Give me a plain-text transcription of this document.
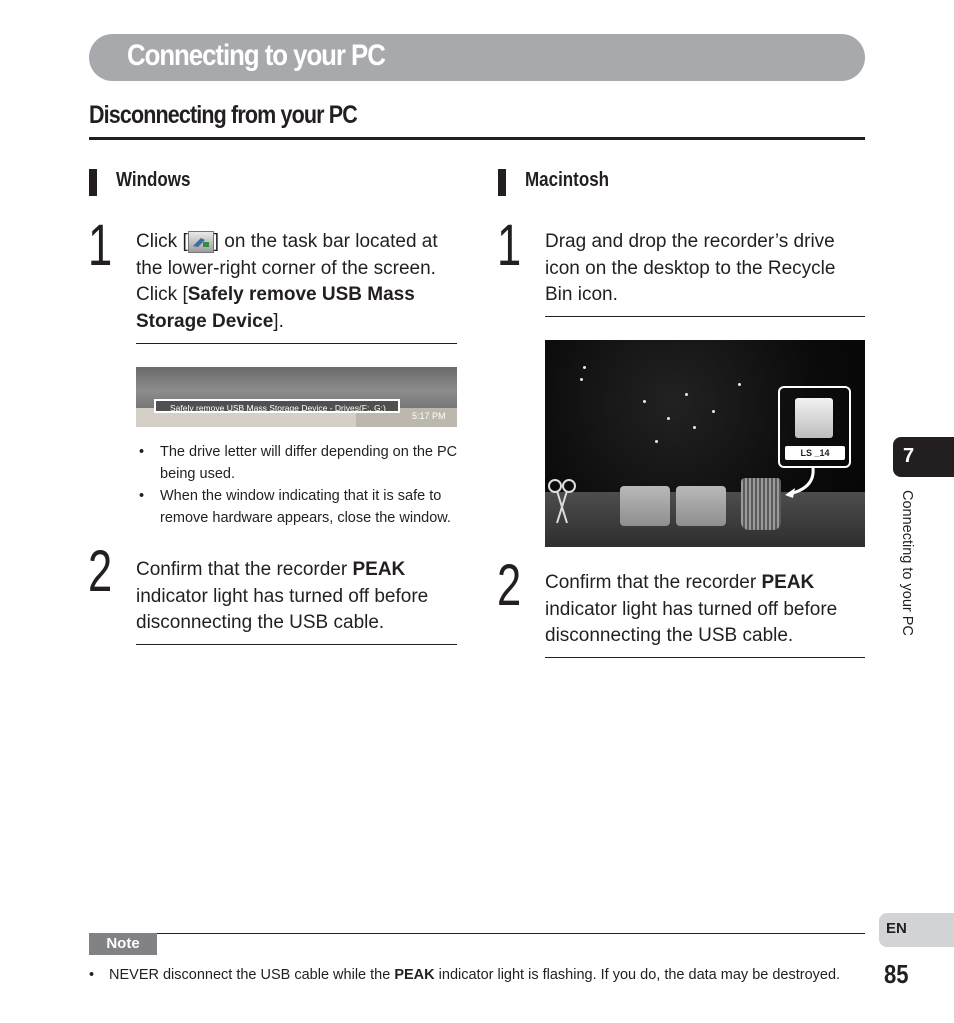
Connecting to your PC
Disconnecting from your PC
Windows
1 Click [ ] on the task bar located at the lower-right corner of the screen. Click [Safely remove USB Mass Storage Device].
Safely remove USB Mass Storage Device - Drives(F:, G:)
5:17 PM
• The drive letter will differ depending on the PC being used.
• When the window indicating that it is safe to remove hardware appears, close the window.
2 Confirm that the recorder PEAK indicator light has turned off before disconnecting the USB cable.
Macintosh
1 Drag and drop the recorder’s drive icon on the desktop to the Recycle Bin icon.
LS _14
2 Confirm that the recorder PEAK indicator light has turned off before disconnecting the USB cable.
7
Connecting to your PC
Note
• NEVER disconnect the USB cable while the PEAK indicator light is flashing. If you do, the data may be destroyed.
EN
85
